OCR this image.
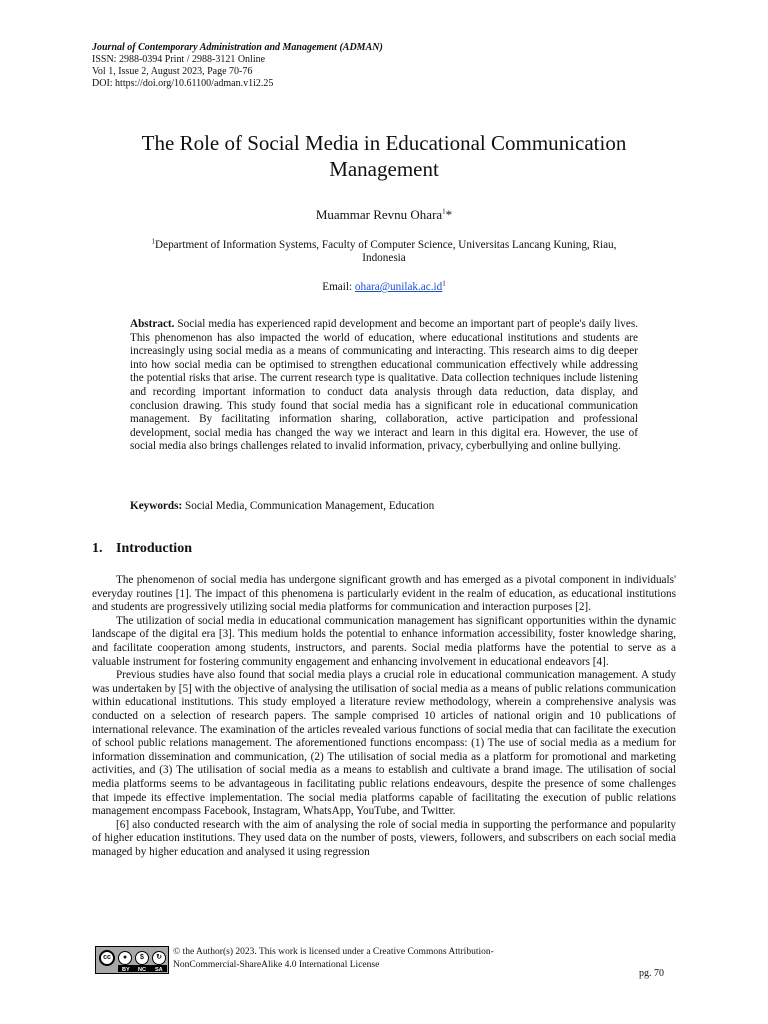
Journal of Contemporary Administration and Management (ADMAN)
ISSN: 2988-0394 Print / 2988-3121 Online
Vol 1, Issue 2, August 2023, Page 70-76
DOI: https://doi.org/10.61100/adman.v1i2.25
The Role of Social Media in Educational Communication
Management
Muammar Revnu Ohara$^1$*
$^1$Department of Information Systems, Faculty of Computer Science, Universitas Lancang Kuning, Riau,
Indonesia
Email: $ohara@unilak.ac.id^1$
Abstract. Social media has experienced rapid development and become an important part of people's daily lives. This phenomenon has also impacted the world of education, where educational institutions and students are increasingly using social media as a means of communicating and interacting. This research aims to dig deeper into how social media can be optimised to strengthen educational communication effectively while addressing the potential risks that arise. The current research type is qualitative. Data collection techniques include listening and recording important information to conduct data analysis through data reduction, data display, and conclusion drawing. This study found that social media has a significant role in educational communication management. By facilitating information sharing, collaboration, active participation and professional development, social media has changed the way we interact and learn in this digital era. However, the use of social media also brings challenges related to invalid information, privacy, cyberbullying and online bullying.
Keywords: Social Media, Communication Management, Education
1. Introduction

The phenomenon of social media has undergone significant growth and has emerged as a pivotal component in individuals' everyday routines [1]. The impact of this phenomena is particularly evident in the realm of education, as educational institutions and students are progressively utilizing social media platforms for communication and interaction purposes [2].

The utilization of social media in educational communication management has significant opportunities within the dynamic landscape of the digital era [3]. This medium holds the potential to enhance information accessibility, foster knowledge sharing, and facilitate cooperation among students, instructors, and parents. Social media platforms have the potential to serve as a valuable instrument for fostering community engagement and enhancing involvement in educational endeavors [4].

Previous studies have also found that social media plays a crucial role in educational communication management. A study was undertaken by [5] with the objective of analysing the utilisation of social media as a means of public relations communication within educational institutions. This study employed a literature review methodology, wherein a comprehensive analysis was conducted on a selection of research papers. The sample comprised 10 articles of national origin and 10 publications of international relevance. The examination of the articles revealed various functions of social media that can facilitate the execution of school public relations management. The aforementioned functions encompass: (1) The use of social media as a medium for information dissemination and communication, (2) The utilisation of social media as a platform for promotional and marketing activities, and (3) The utilisation of social media as a means to establish and cultivate a brand image. The utilisation of social media platforms seems to be advantageous in facilitating public relations endeavours, despite the presence of some challenges that impede its effective implementation. The social media platforms capable of facilitating the execution of public relations management encompass Facebook, Instagram, WhatsApp, YouTube, and Twitter.

[6] also conducted research with the aim of analysing the role of social media in supporting the performance and popularity of higher education institutions. They used data on the number of posts, viewers, followers, and subscribers on each social media managed by higher education and analysed it using regression

cc	●	$	↻
BY NC SA
© the Author(s) 2023. This work is licensed under a Creative Commons Attribution-
NonCommercial-ShareAlike 4.0 International License
pg. 70
